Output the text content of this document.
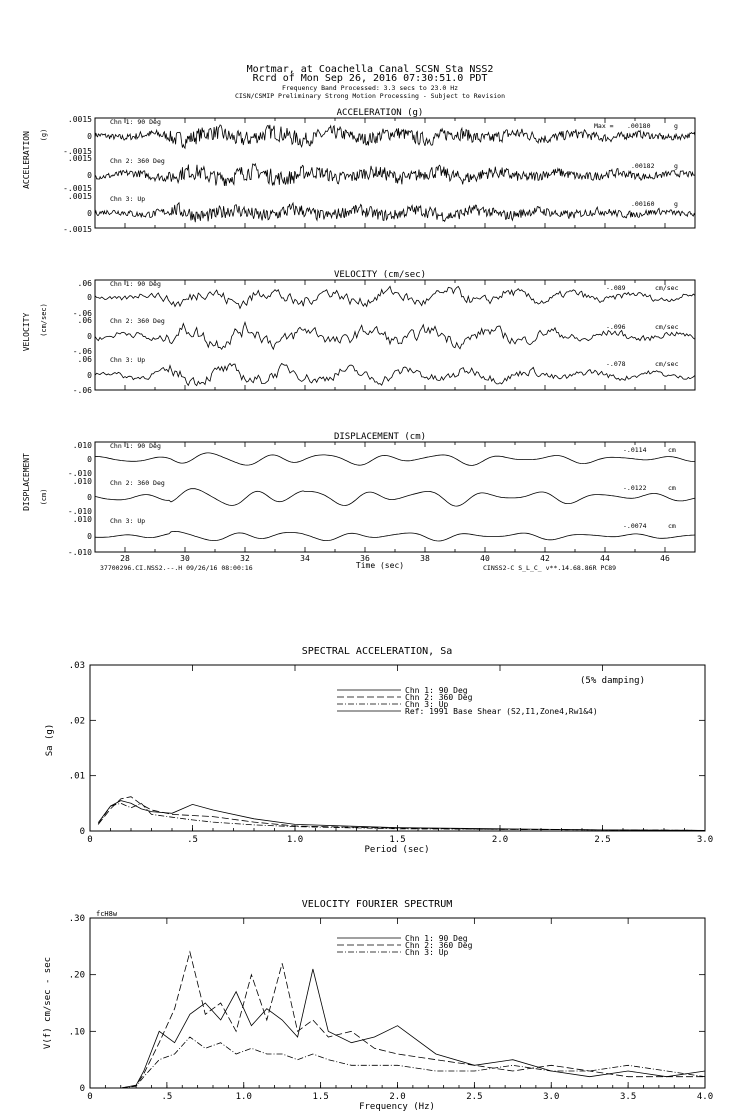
Mortmar, at Coachella Canal SCSN Sta NSS2
Rcrd of Mon Sep 26, 2016 07:30:51.0 PDT
Frequency Band Processed: 3.3 secs to 23.0 Hz
CISN/CSMIP Preliminary Strong Motion Processing - Subject to Revision
ACCELERATION (g)
ACCELERATION (g)
.0015
0
-.0015
.0015
0
-.0015
.0015
0
-.0015
Chn 1: 90 Deg
Chn 2: 360 Deg
Chn 3: Up
Max = .00180	g
.00182	g
.00160	g
VELOCITY (cm/sec)
VELOCITY (cm/sec)
.06
0
-.06
.06
0
-.06
.06
0
-.06
Chn 1: 90 Deg
Chn 2: 360 Deg
Chn 3: Up
-.089	cm/sec
-.096	cm/sec
-.078	cm/sec
DISPLACEMENT (cm)
DISPLACEMENT (cm)
.010
0
-.010
.010
0
-.010
.010
0
-.010
Chn 1: 90 Deg
Chn 2: 360 Deg
Chn 3: Up
-.0114	cm
-.0122	cm
-.0074	cm
28	30	32	34	36	38	40	42	44	46
Time (sec)
37700296.CI.NSS2.--.H 09/26/16 08:00:16	CINSS2-C S_L_C_ v**.14.68.86R PC89
SPECTRAL ACCELERATION, Sa
(5% damping)
Sa (g)
Period (sec)
0	.5	1.0	1.5	2.0	2.5	3.0
0
.01
.02
.03
Chn 1: 90 Deg
Chn 2: 360 Deg
Chn 3: Up
Ref: 1991 Base Shear (S2,I1,Zone4,Rw1&4)
VELOCITY FOURIER SPECTRUM
fcH8w
V(f) cm/sec - sec
Frequency (Hz)
0	.5	1.0	1.5	2.0	2.5	3.0	3.5	4.0
0
.10
.20
.30
Chn 1: 90 Deg
Chn 2: 360 Deg
Chn 3: Up
